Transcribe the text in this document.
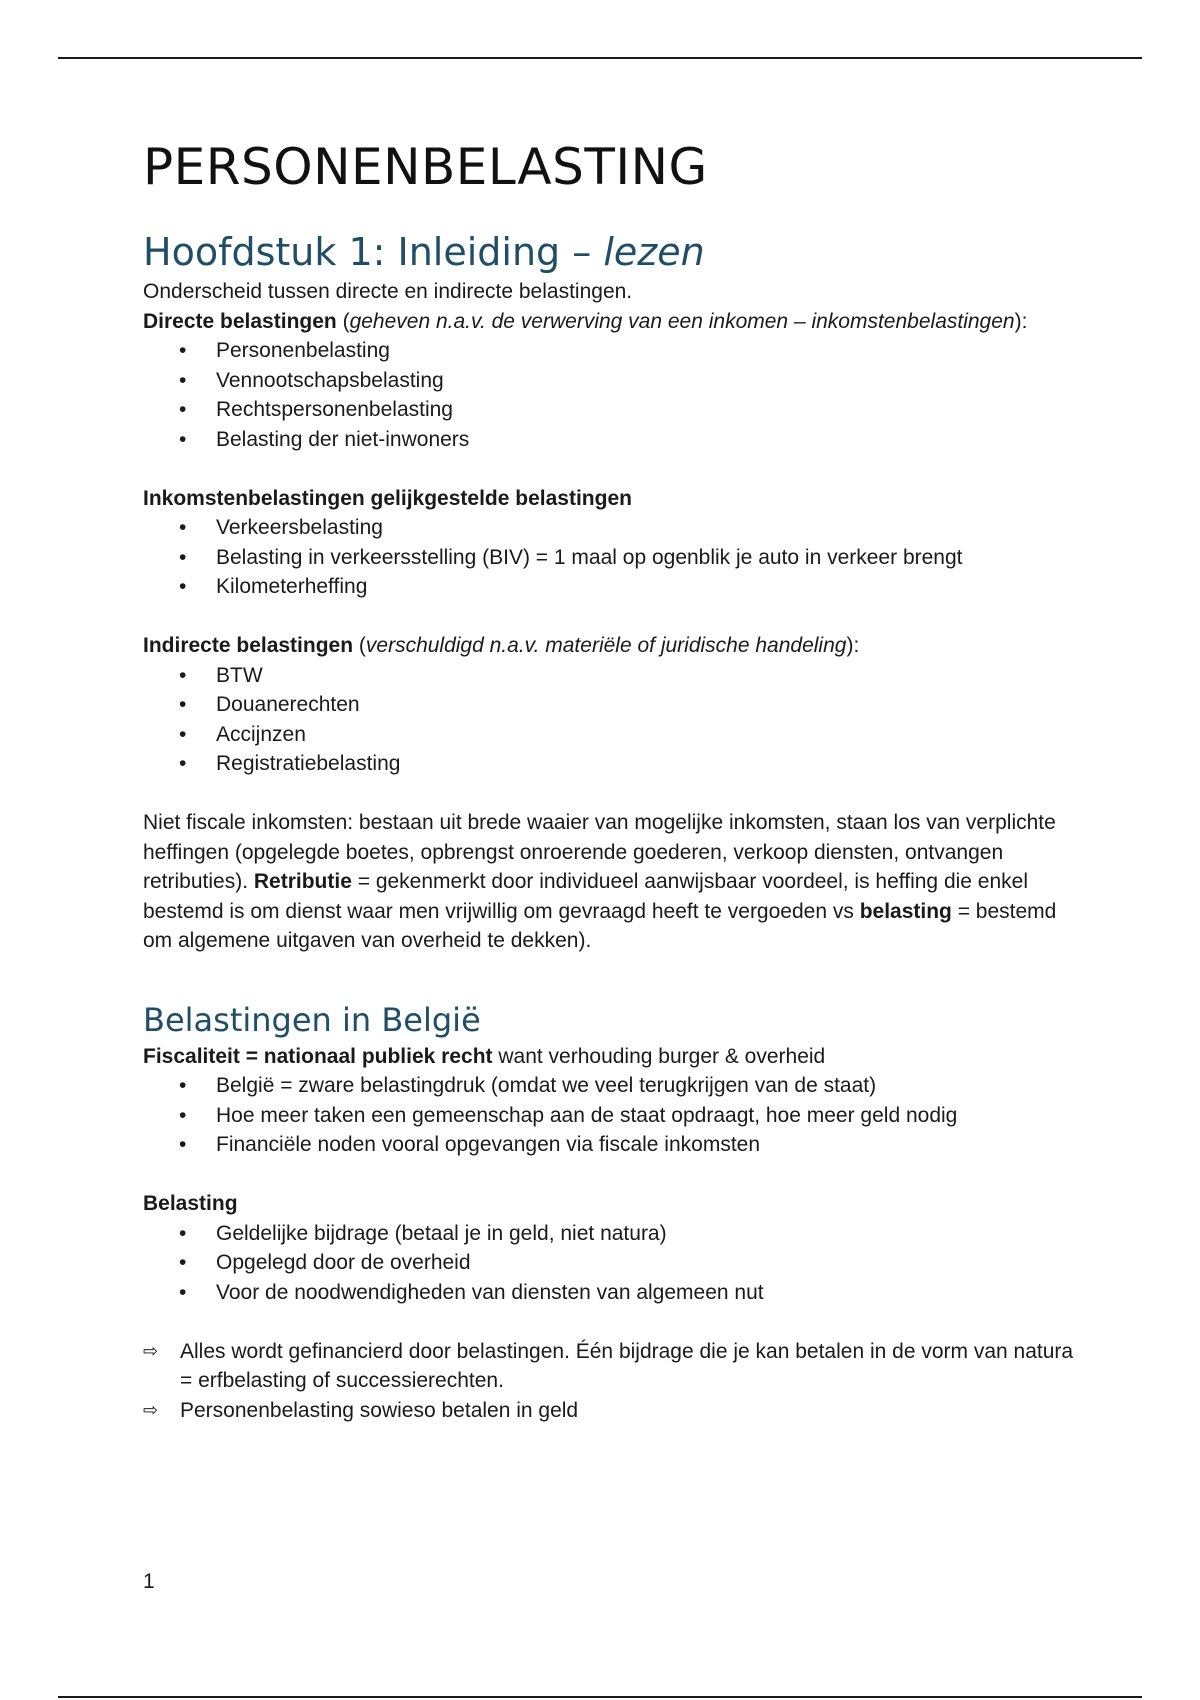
PERSONENBELASTING
Hoofdstuk 1: Inleiding – lezen

Onderscheid tussen directe en indirecte belastingen.

Directe belastingen (geheven n.a.v. de verwerving van een inkomen – inkomstenbelastingen):

• Personenbelasting
• Vennootschapsbelasting
• Rechtspersonenbelasting
• Belasting der niet-inwoners

Inkomstenbelastingen gelijkgestelde belastingen

• Verkeersbelasting
• Belasting in verkeersstelling (BIV) = 1 maal op ogenblik je auto in verkeer brengt
• Kilometerheffing

Indirecte belastingen (verschuldigd n.a.v. materiële of juridische handeling):

• BTW
• Douanerechten
• Accijnzen
• Registratiebelasting

Niet fiscale inkomsten: bestaan uit brede waaier van mogelijke inkomsten, staan los van verplichte heffingen (opgelegde boetes, opbrengst onroerende goederen, verkoop diensten, ontvangen retributies). Retributie = gekenmerkt door individueel aanwijsbaar voordeel, is heffing die enkel bestemd is om dienst waar men vrijwillig om gevraagd heeft te vergoeden vs belasting = bestemd om algemene uitgaven van overheid te dekken).

Belastingen in België

Fiscaliteit = nationaal publiek recht want verhouding burger & overheid

• België = zware belastingdruk (omdat we veel terugkrijgen van de staat)
• Hoe meer taken een gemeenschap aan de staat opdraagt, hoe meer geld nodig
• Financiële noden vooral opgevangen via fiscale inkomsten

Belasting

• Geldelijke bijdrage (betaal je in geld, niet natura)
• Opgelegd door de overheid
• Voor de noodwendigheden van diensten van algemeen nut
⇨ Alles wordt gefinancierd door belastingen. Één bijdrage die je kan betalen in de vorm van natura = erfbelasting of successierechten.
⇨ Personenbelasting sowieso betalen in geld
1
